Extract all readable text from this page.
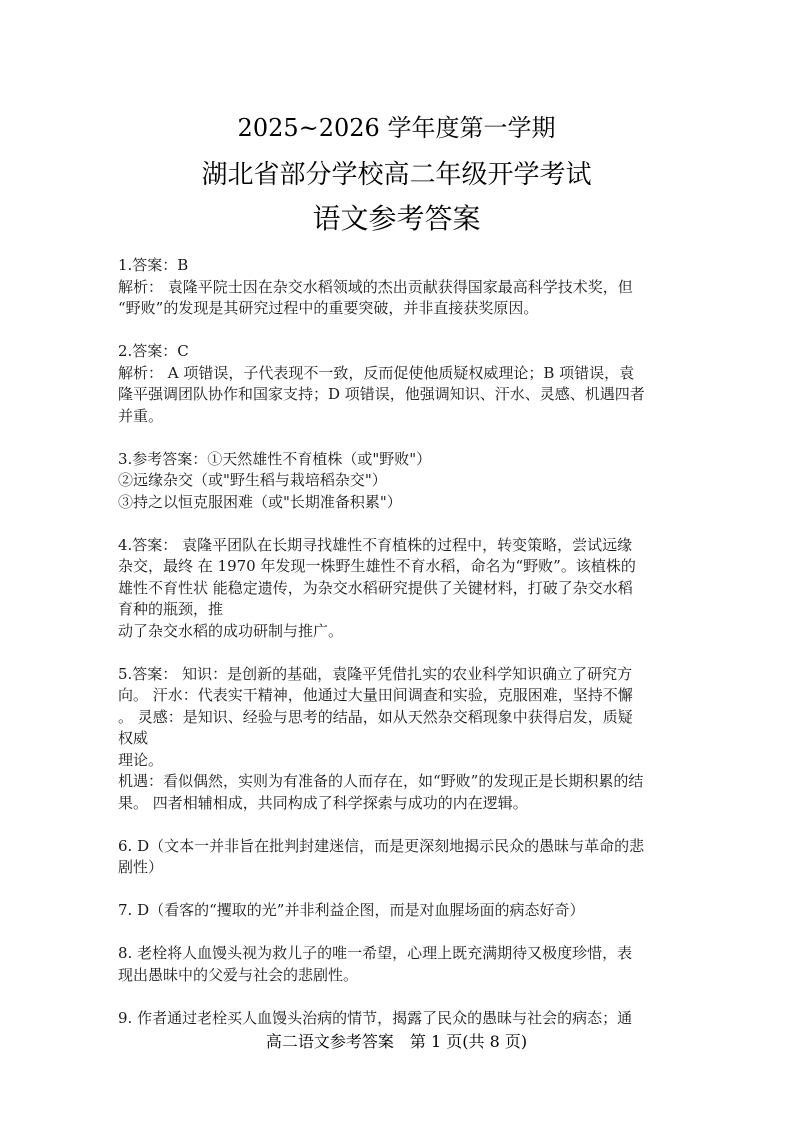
2025~2026 学年度第一学期
湖北省部分学校高二年级开学考试
语文参考答案
1.答案：B
解析： 袁隆平院士因在杂交水稻领域的杰出贡献获得国家最高科学技术奖，但
“野败”的发现是其研究过程中的重要突破，并非直接获奖原因。
2.答案：C
解析： A 项错误，子代表现不一致，反而促使他质疑权威理论；B 项错误，袁
隆平强调团队协作和国家支持；D 项错误，他强调知识、汗水、灵感、机遇四者
并重。
3.参考答案：①天然雄性不育植株（或"野败"）
②远缘杂交（或"野生稻与栽培稻杂交"）
③持之以恒克服困难（或"长期准备积累"）
4.答案： 袁隆平团队在长期寻找雄性不育植株的过程中，转变策略，尝试远缘
杂交，最终 在 1970 年发现一株野生雄性不育水稻，命名为“野败”。该植株的
雄性不育性状 能稳定遗传，为杂交水稻研究提供了关键材料，打破了杂交水稻
育种的瓶颈，推
动了杂交水稻的成功研制与推广。
5.答案： 知识：是创新的基础，袁隆平凭借扎实的农业科学知识确立了研究方
向。 汗水：代表实干精神，他通过大量田间调查和实验，克服困难，坚持不懈
。 灵感：是知识、经验与思考的结晶，如从天然杂交稻现象中获得启发，质疑
权威
理论。
机遇：看似偶然，实则为有准备的人而存在，如“野败”的发现正是长期积累的结
果。 四者相辅相成，共同构成了科学探索与成功的内在逻辑。
6. D（文本一并非旨在批判封建迷信，而是更深刻地揭示民众的愚昧与革命的悲
剧性）
7. D（看客的“攫取的光”并非利益企图，而是对血腥场面的病态好奇）
8. 老栓将人血馒头视为救儿子的唯一希望，心理上既充满期待又极度珍惜，表
现出愚昧中的父爱与社会的悲剧性。
9. 作者通过老栓买人血馒头治病的情节，揭露了民众的愚昧与社会的病态；通
高二语文参考答案　第 1 页(共 8 页)
